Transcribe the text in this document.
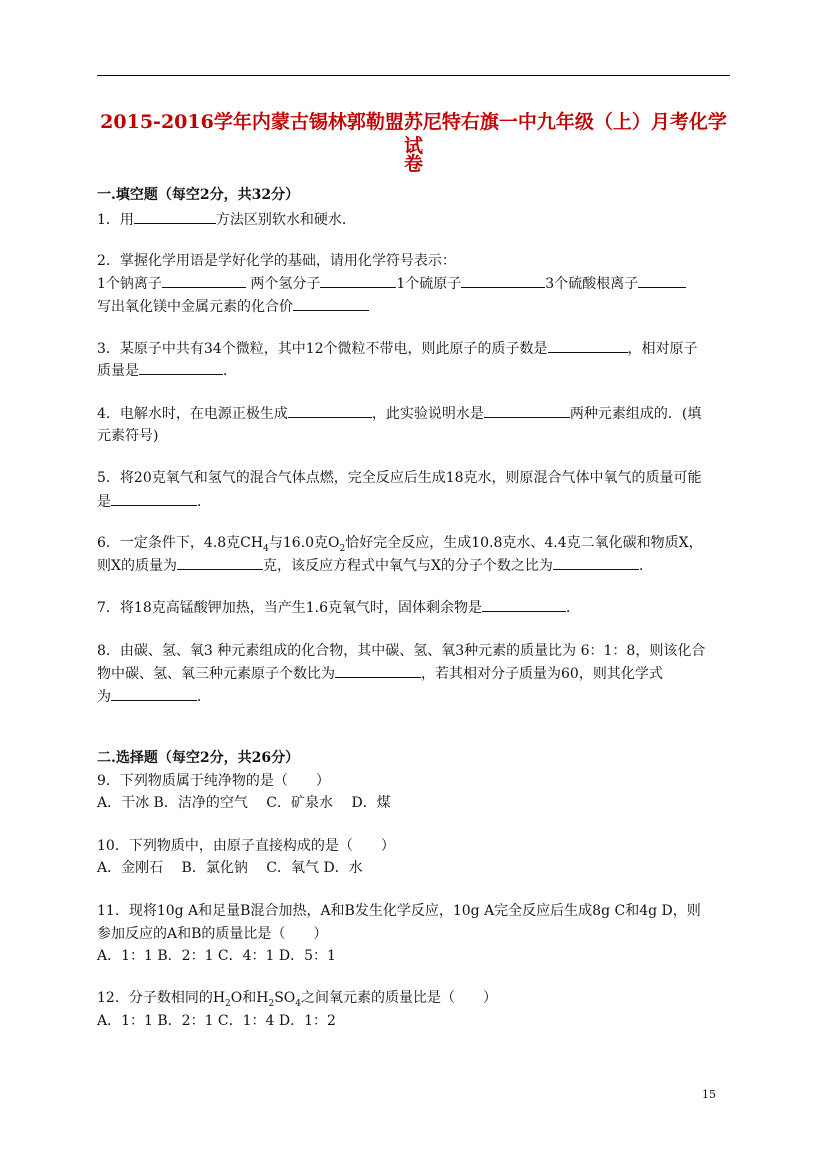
2015-2016学年内蒙古锡林郭勒盟苏尼特右旗一中九年级（上）月考化学试
卷
一.填空题（每空2分，共32分）
1．用	方法区别软水和硬水．
2．掌握化学用语是学好化学的基础，请用化学符号表示：
1个钠离子	两个氢分子	1个硫原子	3个硫酸根离子
写出氧化镁中金属元素的化合价
3．某原子中共有34个微粒，其中12个微粒不带电，则此原子的质子数是	，相对原子
质量是	．
4．电解水时，在电源正极生成	，此实验说明水是	两种元素组成的．(填
元素符号)
5．将20克氧气和氢气的混合气体点燃，完全反应后生成18克水，则原混合气体中氧气的质量可能
是	．
6．一定条件下，4.8克$CH_4$与16.0克$O_2$恰好完全反应，生成10.8克水、4.4克二氧化碳和物质X，
则X的质量为	克，该反应方程式中氧气与X的分子个数之比为	．
7．将18克高锰酸钾加热，当产生1.6克氧气时，固体剩余物是	．
8．由碳、氢、氧3 种元素组成的化合物，其中碳、氢、氧3种元素的质量比为 6：1：8，则该化合
物中碳、氢、氧三种元素原子个数比为	，若其相对分子质量为60，则其化学式
为	．
二.选择题（每空2分，共26分）
9．下列物质属于纯净物的是（　　）
A．干冰 B．洁净的空气　 C．矿泉水　 D．煤
10．下列物质中，由原子直接构成的是（　　）
A．金刚石　 B．氯化钠　 C．氧气 D．水
11．现将10g A和足量B混合加热，A和B发生化学反应，10g A完全反应后生成8g C和4g D，则
参加反应的A和B的质量比是（　　）
A．1：1 B．2：1 C．4：1 D．5：1
12．分子数相同的$H_2O$和$H_2SO_4$之间氧元素的质量比是（　　）
A．1：1 B．2：1 C．1：4 D．1：2
15
